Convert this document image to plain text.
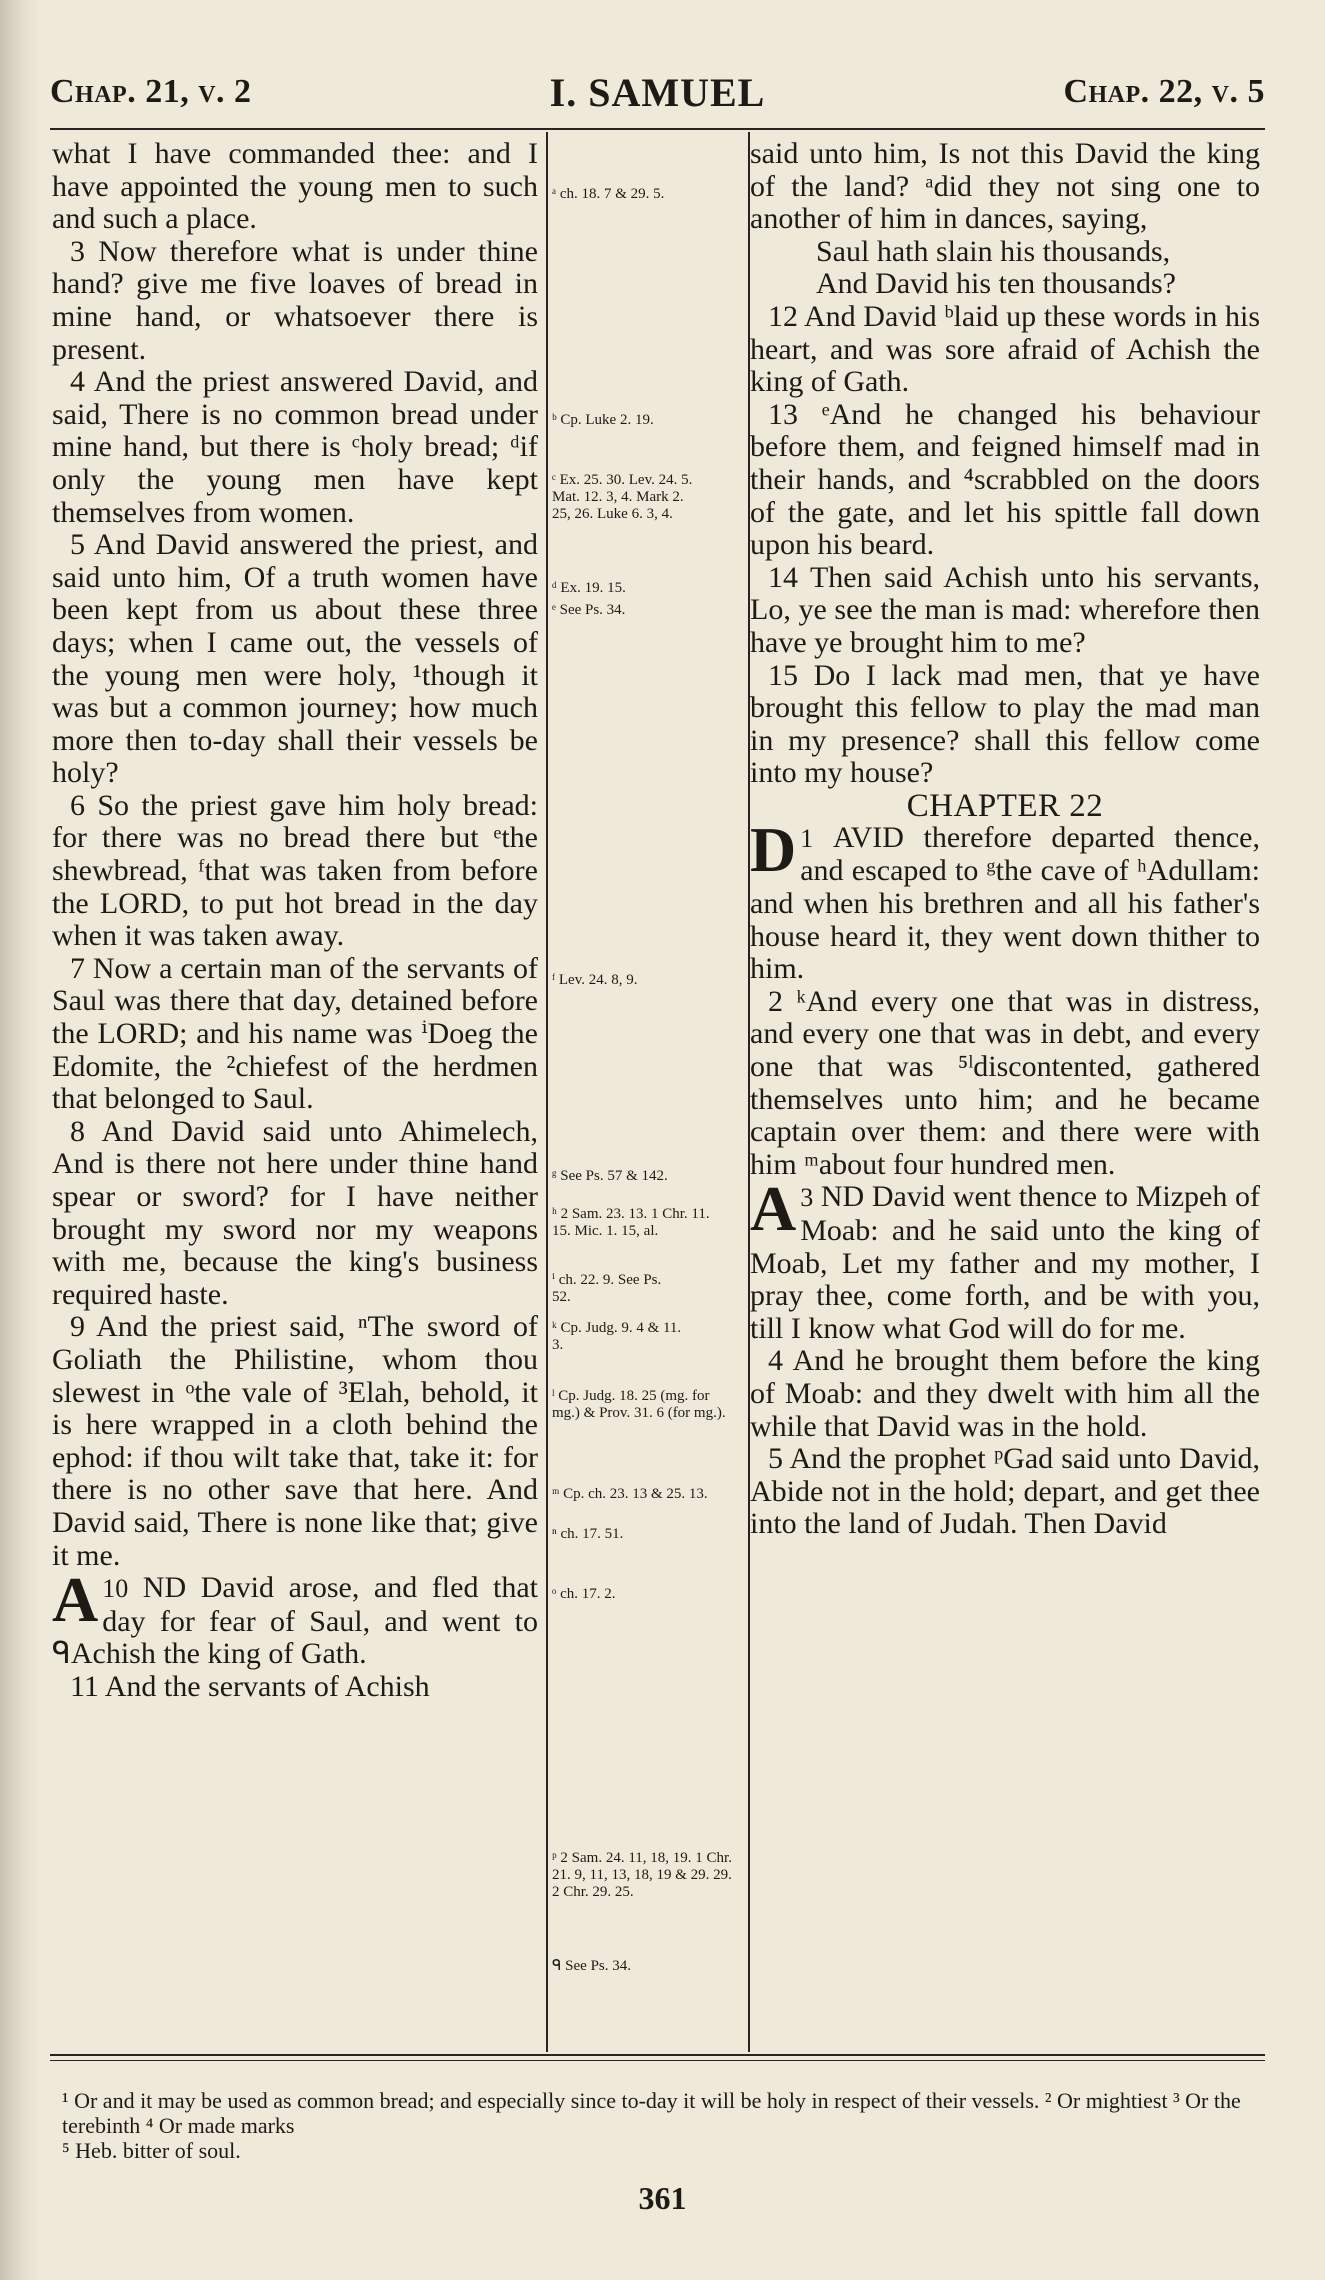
Chap. 21, v. 2	I. SAMUEL	Chap. 22, v. 5

what I have commanded thee: and I have appointed the young men to such and such a place.

3 Now therefore what is under thine hand? give me five loaves of bread in mine hand, or whatsoever there is present.

4 And the priest answered David, and said, There is no common bread under mine hand, but there is ᶜholy bread; ᵈif only the young men have kept themselves from women.

5 And David answered the priest, and said unto him, Of a truth women have been kept from us about these three days; when I came out, the vessels of the young men were holy, ¹though it was but a common journey; how much more then to-day shall their vessels be holy?

6 So the priest gave him holy bread: for there was no bread there but ᵉthe shewbread, ᶠthat was taken from before the LORD, to put hot bread in the day when it was taken away.

7 Now a certain man of the servants of Saul was there that day, detained before the LORD; and his name was ⁱDoeg the Edomite, the ²chiefest of the herdmen that belonged to Saul.

8 And David said unto Ahimelech, And is there not here under thine hand spear or sword? for I have neither brought my sword nor my weapons with me, because the king's business required haste.

9 And the priest said, ⁿThe sword of Goliath the Philistine, whom thou slewest in ᵒthe vale of ³Elah, behold, it is here wrapped in a cloth behind the ephod: if thou wilt take that, take it: for there is no other save that here. And David said, There is none like that; give it me.

10
A ND David arose, and fled that day for fear of Saul, and went to ᑫAchish the king of Gath.

11 And the servants of Achish

ᵃ ch. 18. 7 & 29. 5.
ᵇ Cp. Luke 2. 19.
ᶜ Ex. 25. 30. Lev. 24. 5. Mat. 12. 3, 4. Mark 2. 25, 26. Luke 6. 3, 4.
ᵈ Ex. 19. 15.
ᵉ See Ps. 34.
ᶠ Lev. 24. 8, 9.
ᵍ See Ps. 57 & 142.
ʰ 2 Sam. 23. 13. 1 Chr. 11. 15. Mic. 1. 15, al.
ⁱ ch. 22. 9. See Ps. 52.
ᵏ Cp. Judg. 9. 4 & 11. 3.
ˡ Cp. Judg. 18. 25 (mg. for mg.) & Prov. 31. 6 (for mg.).
ᵐ Cp. ch. 23. 13 & 25. 13.
ⁿ ch. 17. 51.
ᵒ ch. 17. 2.
ᵖ 2 Sam. 24. 11, 18, 19. 1 Chr. 21. 9, 11, 13, 18, 19 & 29. 29. 2 Chr. 29. 25.
ᑫ See Ps. 34.

said unto him, Is not this David the king of the land? ᵃdid they not sing one to another of him in dances, saying,

Saul hath slain his thousands,

And David his ten thousands?

12 And David ᵇlaid up these words in his heart, and was sore afraid of Achish the king of Gath.

13 ᵉAnd he changed his behaviour before them, and feigned himself mad in their hands, and ⁴scrabbled on the doors of the gate, and let his spittle fall down upon his beard.

14 Then said Achish unto his servants, Lo, ye see the man is mad: wherefore then have ye brought him to me?

15 Do I lack mad men, that ye have brought this fellow to play the mad man in my presence? shall this fellow come into my house?

CHAPTER 22

1
D AVID therefore departed thence, and escaped to ᵍthe cave of ʰAdullam: and when his brethren and all his father's house heard it, they went down thither to him.

2 ᵏAnd every one that was in distress, and every one that was in debt, and every one that was ⁵ˡdiscontented, gathered themselves unto him; and he became captain over them: and there were with him ᵐabout four hundred men.

3
A ND David went thence to Mizpeh of Moab: and he said unto the king of Moab, Let my father and my mother, I pray thee, come forth, and be with you, till I know what God will do for me.

4 And he brought them before the king of Moab: and they dwelt with him all the while that David was in the hold.

5 And the prophet ᵖGad said unto David, Abide not in the hold; depart, and get thee into the land of Judah. Then David

¹ Or and it may be used as common bread; and especially since to-day it will be holy in respect of their vessels. ² Or mightiest ³ Or the terebinth ⁴ Or made marks
⁵ Heb. bitter of soul.
361
